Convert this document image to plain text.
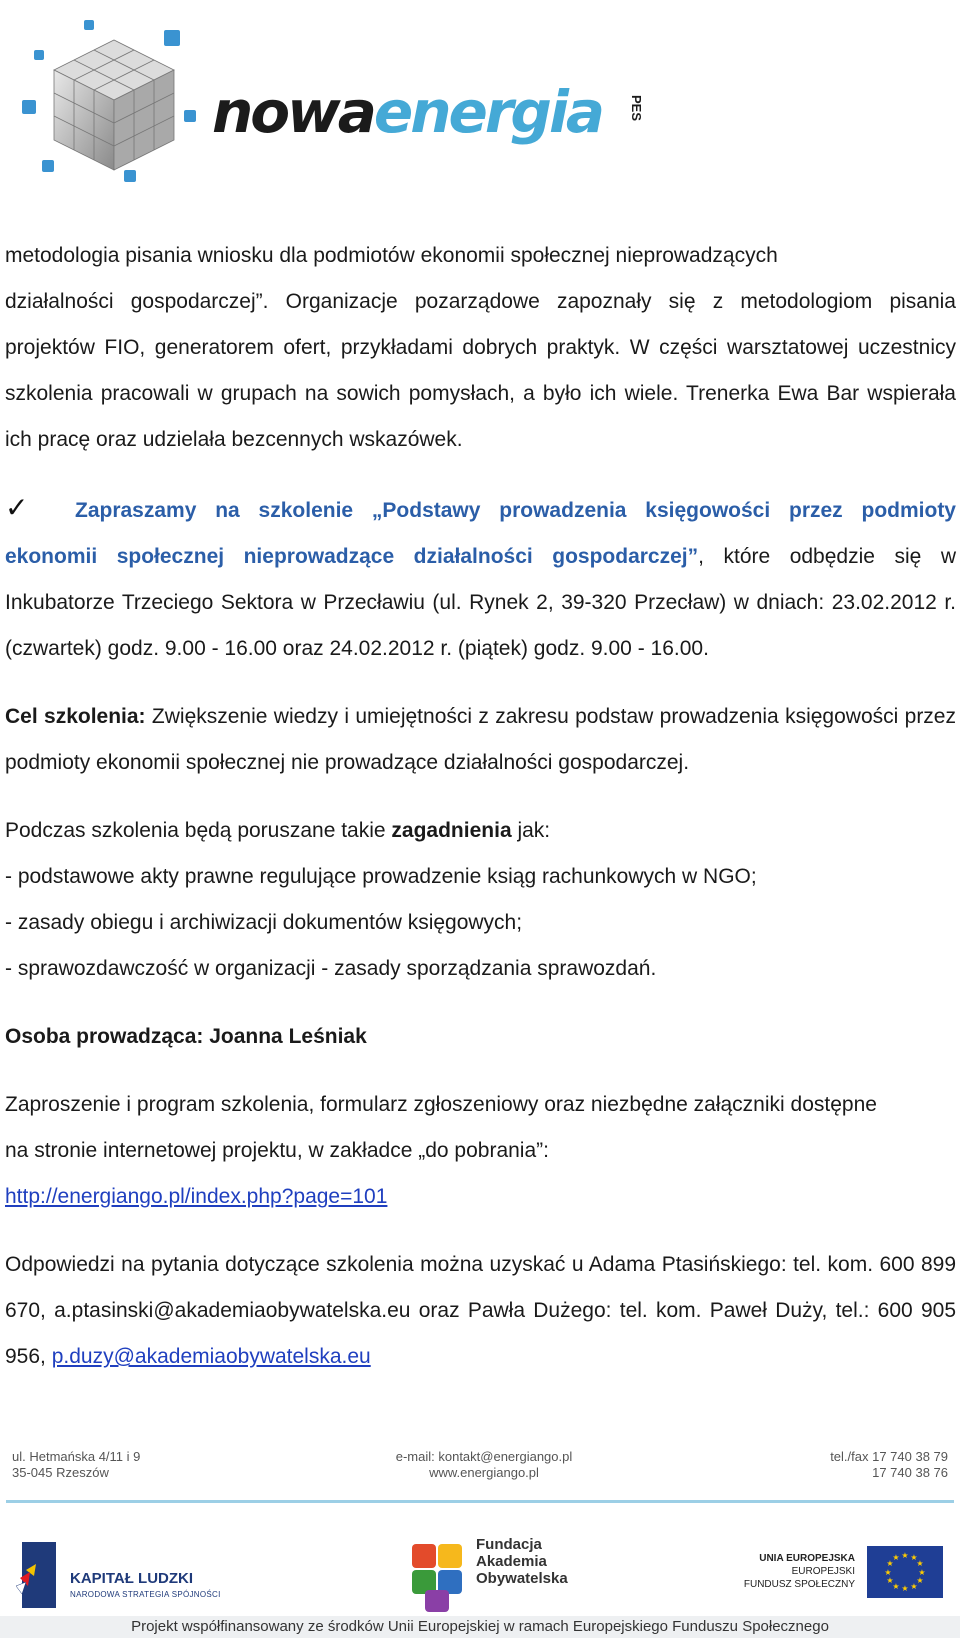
nowaenergia PES

metodologia pisania wniosku dla podmiotów ekonomii społecznej nieprowadzących

działalności gospodarczej”. Organizacje pozarządowe zapoznały się z metodologiom pisania projektów FIO, generatorem ofert, przykładami dobrych praktyk. W części warsztatowej uczestnicy szkolenia pracowali w grupach na sowich pomysłach, a było ich wiele. Trenerka Ewa Bar wspierała ich pracę oraz udzielała bezcennych wskazówek.

✓ Zapraszamy na szkolenie „Podstawy prowadzenia księgowości przez podmioty ekonomii społecznej nieprowadzące działalności gospodarczej”, które odbędzie się w Inkubatorze Trzeciego Sektora w Przecławiu (ul. Rynek 2, 39-320 Przecław) w dniach: 23.02.2012 r. (czwartek) godz. 9.00 - 16.00 oraz 24.02.2012 r. (piątek) godz. 9.00 - 16.00.

Cel szkolenia: Zwiększenie wiedzy i umiejętności z zakresu podstaw prowadzenia księgowości przez podmioty ekonomii społecznej nie prowadzące działalności gospodarczej.

Podczas szkolenia będą poruszane takie zagadnienia jak:

- podstawowe akty prawne regulujące prowadzenie ksiąg rachunkowych w NGO;

- zasady obiegu i archiwizacji dokumentów księgowych;

- sprawozdawczość w organizacji - zasady sporządzania sprawozdań.

Osoba prowadząca: Joanna Leśniak

Zaproszenie i program szkolenia, formularz zgłoszeniowy oraz niezbędne załączniki dostępne

na stronie internetowej projektu, w zakładce „do pobrania”:

http://energiango.pl/index.php?page=101

Odpowiedzi na pytania dotyczące szkolenia można uzyskać u Adama Ptasińskiego: tel. kom. 600 899 670, a.ptasinski@akademiaobywatelska.eu oraz Pawła Dużego: tel. kom. Paweł Duży, tel.: 600 905 956, p.duzy@akademiaobywatelska.eu

ul. Hetmańska 4/11 i 9
35-045 Rzeszów
e-mail: kontakt@energiango.pl
www.energiango.pl
tel./fax 17 740 38 79
17 740 38 76
KAPITAŁ LUDZKI
NARODOWA STRATEGIA SPÓJNOŚCI
Fundacja
Akademia
Obywatelska
UNIA EUROPEJSKA
EUROPEJSKI
FUNDUSZ SPOŁECZNY
★ ★
★
★
★
★
★
★
★
★
★
★
Projekt współfinansowany ze środków Unii Europejskiej w ramach Europejskiego Funduszu Społecznego
